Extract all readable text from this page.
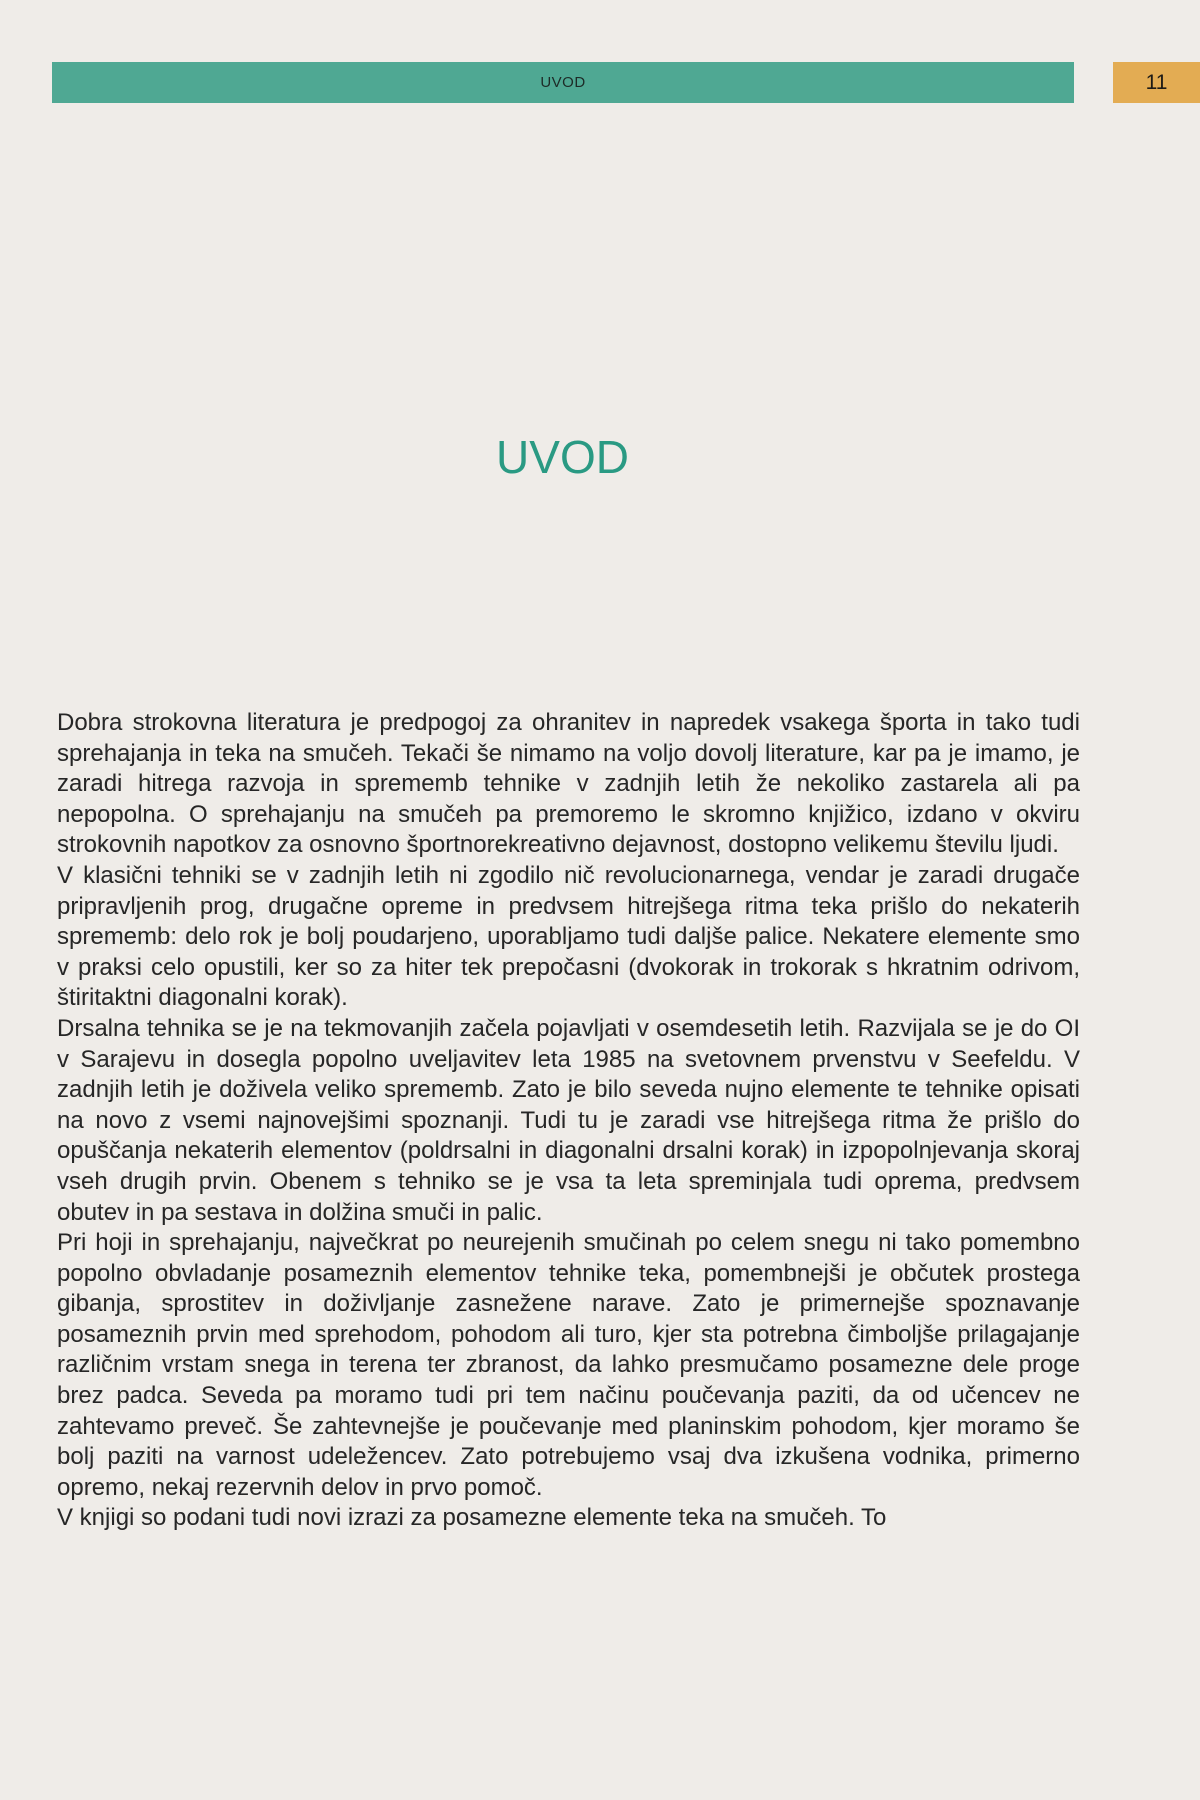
UVOD	11
UVOD

Dobra strokovna literatura je predpogoj za ohranitev in napredek vsakega športa in tako tudi sprehajanja in teka na smučeh. Tekači še nimamo na voljo dovolj literature, kar pa je imamo, je zaradi hitrega razvoja in sprememb tehnike v zadnjih letih že nekoliko zastarela ali pa nepopolna. O sprehajanju na smučeh pa premoremo le skromno knjižico, izdano v okviru strokovnih napotkov za osnovno športnorekreativno dejavnost, dostopno velikemu številu ljudi.

V klasični tehniki se v zadnjih letih ni zgodilo nič revolucionarnega, vendar je zaradi drugače pripravljenih prog, drugačne opreme in predvsem hitrejšega ritma teka prišlo do nekaterih sprememb: delo rok je bolj poudarjeno, uporabljamo tudi daljše palice. Nekatere elemente smo v praksi celo opustili, ker so za hiter tek prepočasni (dvokorak in trokorak s hkratnim odrivom, štiritaktni diagonalni korak).

Drsalna tehnika se je na tekmovanjih začela pojavljati v osemdesetih letih. Razvijala se je do OI v Sarajevu in dosegla popolno uveljavitev leta 1985 na svetovnem prvenstvu v Seefeldu. V zadnjih letih je doživela veliko sprememb. Zato je bilo seveda nujno elemente te tehnike opisati na novo z vsemi najnovejšimi spoznanji. Tudi tu je zaradi vse hitrejšega ritma že prišlo do opuščanja nekaterih elementov (poldrsalni in diagonalni drsalni korak) in izpopolnjevanja skoraj vseh drugih prvin. Obenem s tehniko se je vsa ta leta spreminjala tudi oprema, predvsem obutev in pa sestava in dolžina smuči in palic.

Pri hoji in sprehajanju, največkrat po neurejenih smučinah po celem snegu ni tako pomembno popolno obvladanje posameznih elementov tehnike teka, pomembnejši je občutek prostega gibanja, sprostitev in doživljanje zasnežene narave. Zato je primernejše spoznavanje posameznih prvin med sprehodom, pohodom ali turo, kjer sta potrebna čimboljše prilagajanje različnim vrstam snega in terena ter zbranost, da lahko presmučamo posamezne dele proge brez padca. Seveda pa moramo tudi pri tem načinu poučevanja paziti, da od učencev ne zahtevamo preveč. Še zahtevnejše je poučevanje med planinskim pohodom, kjer moramo še bolj paziti na varnost udeležencev. Zato potrebujemo vsaj dva izkušena vodnika, primerno opremo, nekaj rezervnih delov in prvo pomoč.

V knjigi so podani tudi novi izrazi za posamezne elemente teka na smučeh. To
